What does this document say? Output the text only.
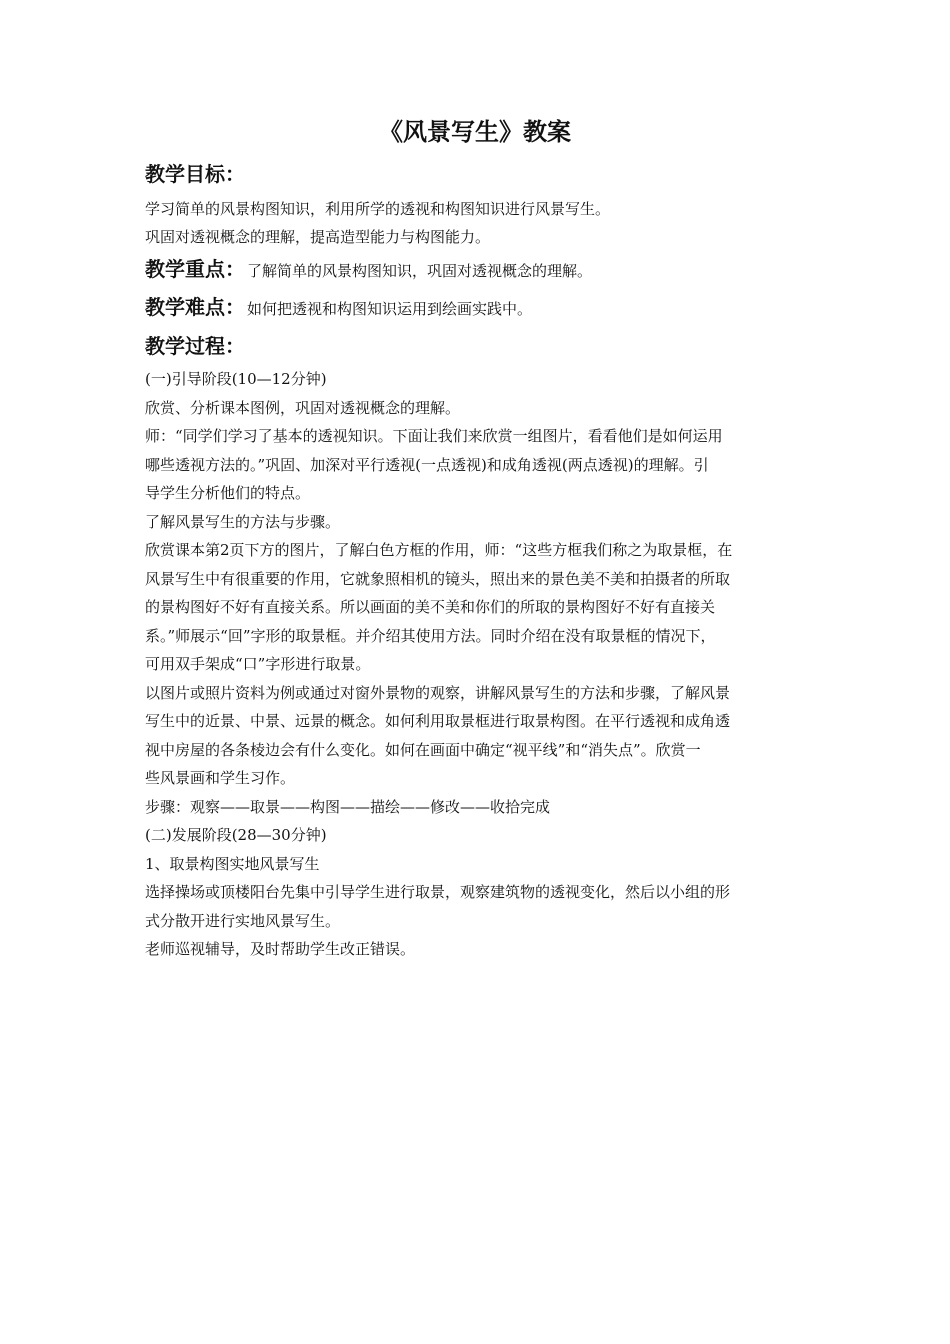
《风景写生》教案
教学目标：
学习简单的风景构图知识，利用所学的透视和构图知识进行风景写生。
巩固对透视概念的理解，提高造型能力与构图能力。
教学重点： 了解简单的风景构图知识，巩固对透视概念的理解。
教学难点： 如何把透视和构图知识运用到绘画实践中。
教学过程：
(一)引导阶段(10—12分钟)
欣赏、分析课本图例，巩固对透视概念的理解。
师：“同学们学习了基本的透视知识。下面让我们来欣赏一组图片，看看他们是如何运用
哪些透视方法的。”巩固、加深对平行透视(一点透视)和成角透视(两点透视)的理解。引
导学生分析他们的特点。
了解风景写生的方法与步骤。
欣赏课本第2页下方的图片，了解白色方框的作用，师：“这些方框我们称之为取景框，在
风景写生中有很重要的作用，它就象照相机的镜头，照出来的景色美不美和拍摄者的所取
的景构图好不好有直接关系。所以画面的美不美和你们的所取的景构图好不好有直接关
系。”师展示“回”字形的取景框。并介绍其使用方法。同时介绍在没有取景框的情况下，
可用双手架成“口”字形进行取景。
以图片或照片资料为例或通过对窗外景物的观察，讲解风景写生的方法和步骤，了解风景
写生中的近景、中景、远景的概念。如何利用取景框进行取景构图。在平行透视和成角透
视中房屋的各条棱边会有什么变化。如何在画面中确定“视平线”和“消失点”。欣赏一
些风景画和学生习作。
步骤：观察——取景——构图——描绘——修改——收拾完成
(二)发展阶段(28—30分钟)
1、取景构图实地风景写生
选择操场或顶楼阳台先集中引导学生进行取景，观察建筑物的透视变化，然后以小组的形
式分散开进行实地风景写生。
老师巡视辅导，及时帮助学生改正错误。
